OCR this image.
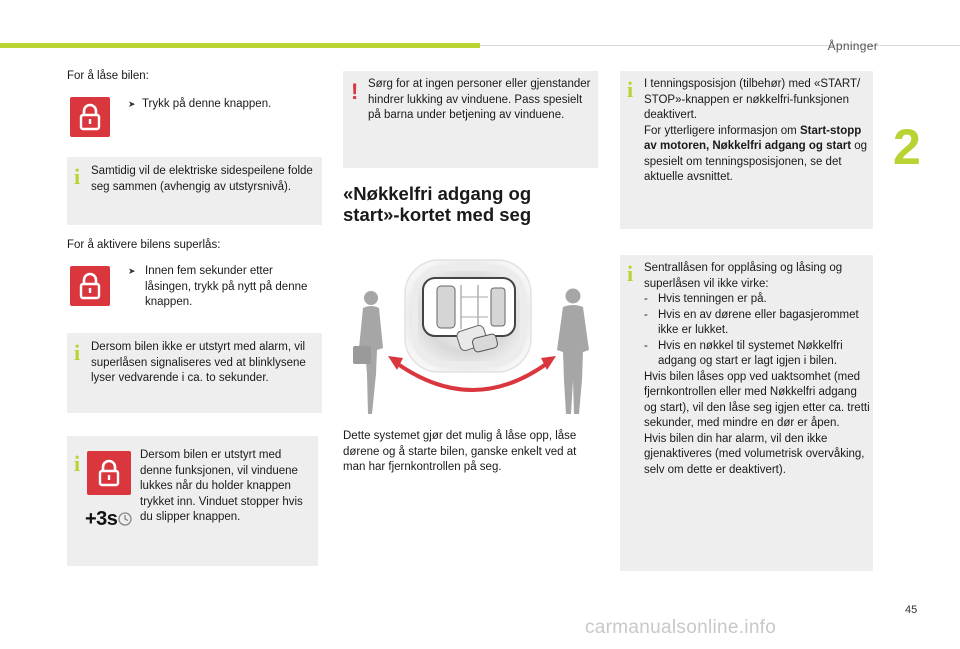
Åpninger
2
For å låse bilen:
➤ Trykk på denne knappen.
i Samtidig vil de elektriske sidespeilene folde seg sammen (avhengig av utstyrsnivå).
For å aktivere bilens superlås:
➤ Innen fem sekunder etter låsingen, trykk på nytt på denne knappen.
i Dersom bilen ikke er utstyrt med alarm, vil superlåsen signaliseres ved at blinklysene lyser vedvarende i ca. to sekunder.
i
+3s
Dersom bilen er utstyrt med denne funksjonen, vil vinduene lukkes når du holder knappen trykket inn. Vinduet stopper hvis du slipper knappen.
! Sørg for at ingen personer eller gjenstander hindrer lukking av vinduene. Pass spesielt på barna under betjening av vinduene.
«Nøkkelfri adgang og
start»-kortet med seg
Dette systemet gjør det mulig å låse opp, låse dørene og å starte bilen, ganske enkelt ved at man har fjernkontrollen på seg.
i I tenningsposisjon (tilbehør) med «START/ STOP»-knappen er nøkkelfri-funksjonen deaktivert.
For ytterligere informasjon om Start-stopp av motoren, Nøkkelfri adgang og start og spesielt om tenningsposisjonen, se det aktuelle avsnittet.
i Sentrallåsen for opplåsing og låsing og superlåsen vil ikke virke:
- Hvis tenningen er på.
- Hvis en av dørene eller bagasjerommet ikke er lukket.
- Hvis en nøkkel til systemet Nøkkelfri adgang og start er lagt igjen i bilen.
Hvis bilen låses opp ved uaktsomhet (med fjernkontrollen eller med Nøkkelfri adgang og start), vil den låse seg igjen etter ca. tretti sekunder, med mindre en dør er åpen.
Hvis bilen din har alarm, vil den ikke gjenaktiveres (med volumetrisk overvåking, selv om dette er deaktivert).
45
carmanualsonline.info
